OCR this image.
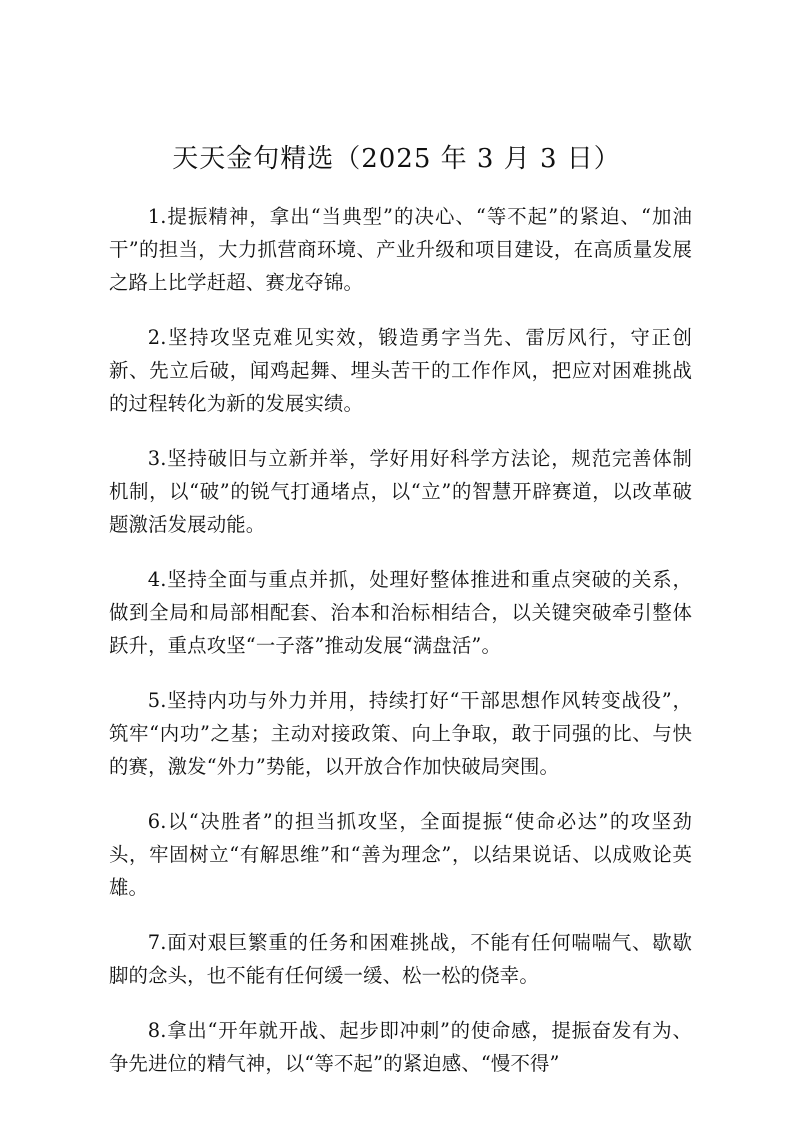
天天金句精选（2025 年 3 月 3 日）

1.提振精神，拿出“当典型”的决心、“等不起”的紧迫、“加油干”的担当，大力抓营商环境、产业升级和项目建设，在高质量发展之路上比学赶超、赛龙夺锦。

2.坚持攻坚克难见实效，锻造勇字当先、雷厉风行，守正创新、先立后破，闻鸡起舞、埋头苦干的工作作风，把应对困难挑战的过程转化为新的发展实绩。

3.坚持破旧与立新并举，学好用好科学方法论，规范完善体制机制，以“破”的锐气打通堵点，以“立”的智慧开辟赛道，以改革破题激活发展动能。

4.坚持全面与重点并抓，处理好整体推进和重点突破的关系，做到全局和局部相配套、治本和治标相结合，以关键突破牵引整体跃升，重点攻坚“一子落”推动发展“满盘活”。

5.坚持内功与外力并用，持续打好“干部思想作风转变战役”，筑牢“内功”之基；主动对接政策、向上争取，敢于同强的比、与快的赛，激发“外力”势能，以开放合作加快破局突围。

6.以“决胜者”的担当抓攻坚，全面提振“使命必达”的攻坚劲头，牢固树立“有解思维”和“善为理念”，以结果说话、以成败论英雄。

7.面对艰巨繁重的任务和困难挑战，不能有任何喘喘气、歇歇脚的念头，也不能有任何缓一缓、松一松的侥幸。

8.拿出“开年就开战、起步即冲刺”的使命感，提振奋发有为、争先进位的精气神，以“等不起”的紧迫感、“慢不得”
